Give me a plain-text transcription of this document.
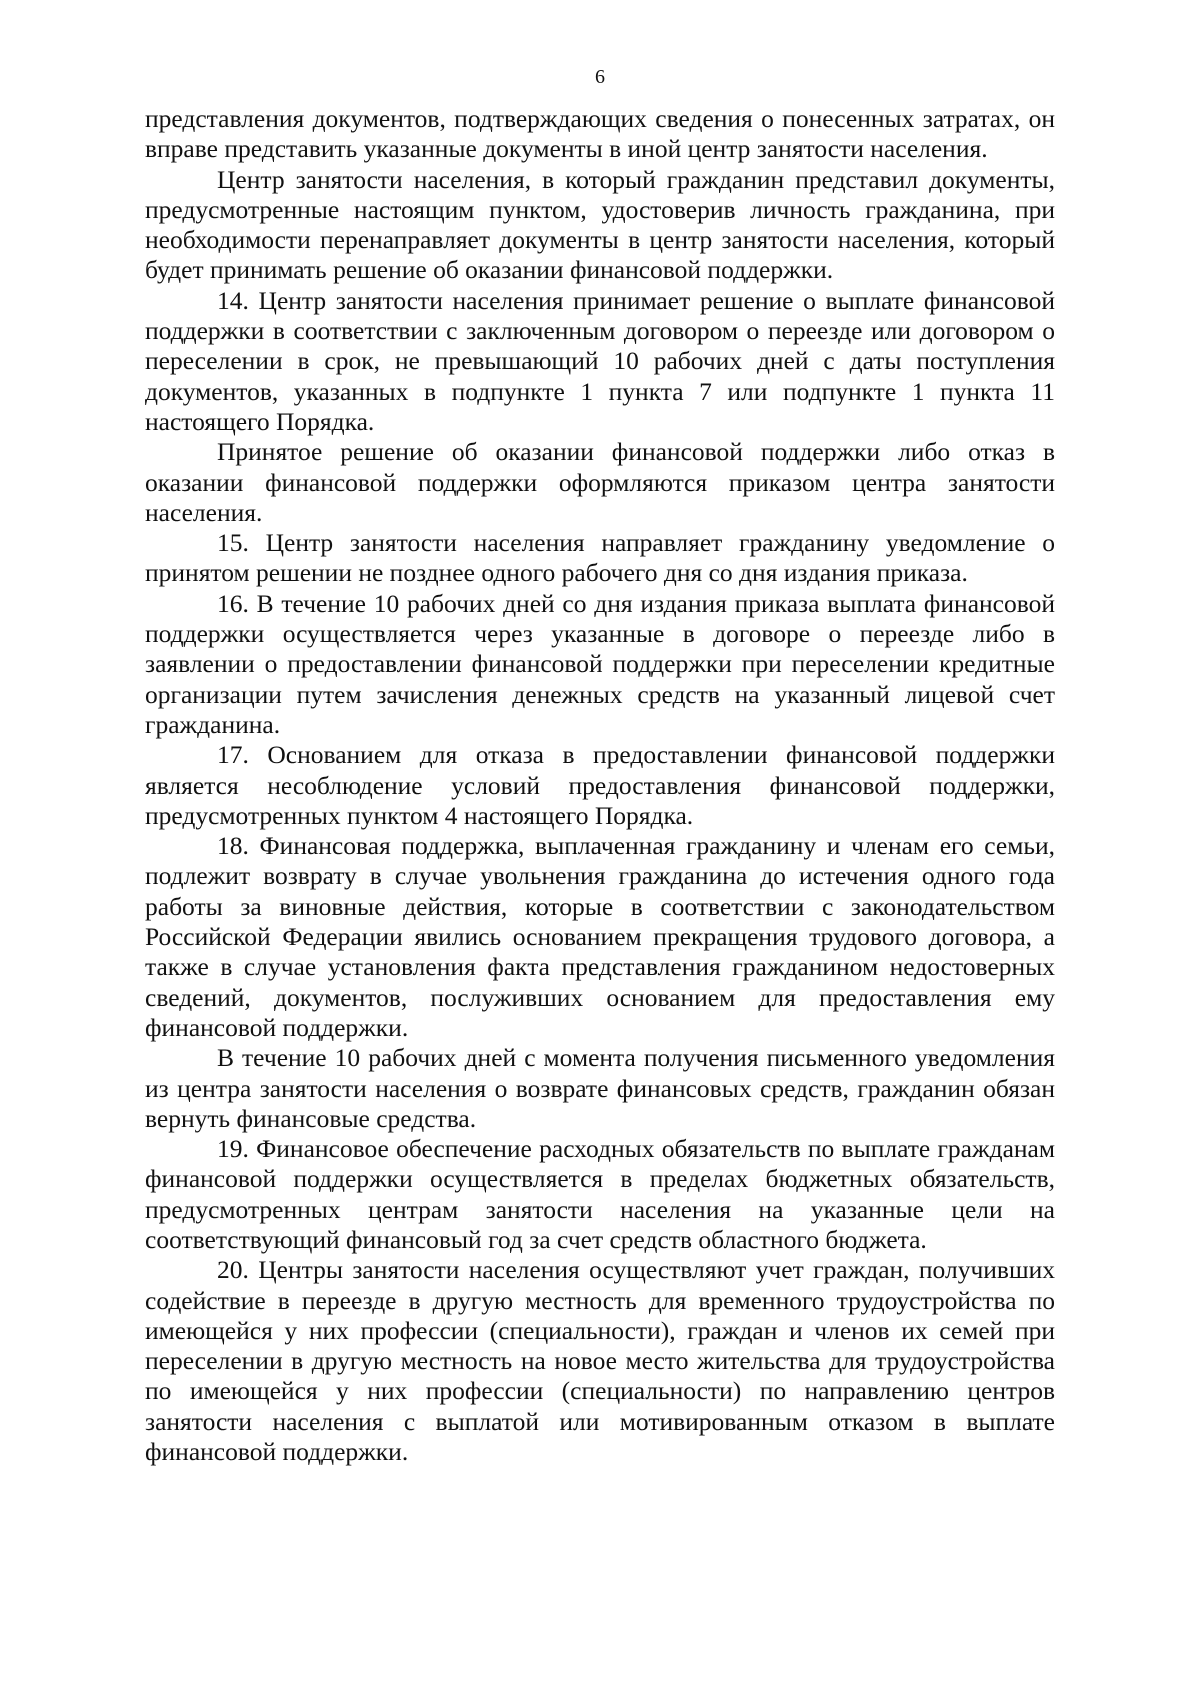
6

представления документов, подтверждающих сведения о понесенных затратах, он вправе представить указанные документы в иной центр занятости населения.

Центр занятости населения, в который гражданин представил документы, предусмотренные настоящим пунктом, удостоверив личность гражданина, при необходимости перенаправляет документы в центр занятости населения, который будет принимать решение об оказании финансовой поддержки.

14. Центр занятости населения принимает решение о выплате финансовой поддержки в соответствии с заключенным договором о переезде или договором о переселении в срок, не превышающий 10 рабочих дней с даты поступления документов, указанных в подпункте 1 пункта 7 или подпункте 1 пункта 11 настоящего Порядка.

Принятое решение об оказании финансовой поддержки либо отказ в оказании финансовой поддержки оформляются приказом центра занятости населения.

15. Центр занятости населения направляет гражданину уведомление о принятом решении не позднее одного рабочего дня со дня издания приказа.

16. В течение 10 рабочих дней со дня издания приказа выплата финансовой поддержки осуществляется через указанные в договоре о переезде либо в заявлении о предоставлении финансовой поддержки при переселении кредитные организации путем зачисления денежных средств на указанный лицевой счет гражданина.

17. Основанием для отказа в предоставлении финансовой поддержки является несоблюдение условий предоставления финансовой поддержки, предусмотренных пунктом 4 настоящего Порядка.

18. Финансовая поддержка, выплаченная гражданину и членам его семьи, подлежит возврату в случае увольнения гражданина до истечения одного года работы за виновные действия, которые в соответствии с законодательством Российской Федерации явились основанием прекращения трудового договора, а также в случае установления факта представления гражданином недостоверных сведений, документов, послуживших основанием для предоставления ему финансовой поддержки.

В течение 10 рабочих дней с момента получения письменного уведомления из центра занятости населения о возврате финансовых средств, гражданин обязан вернуть финансовые средства.

19. Финансовое обеспечение расходных обязательств по выплате гражданам финансовой поддержки осуществляется в пределах бюджетных обязательств, предусмотренных центрам занятости населения на указанные цели на соответствующий финансовый год за счет средств областного бюджета.

20. Центры занятости населения осуществляют учет граждан, получивших содействие в переезде в другую местность для временного трудоустройства по имеющейся у них профессии (специальности), граждан и членов их семей при переселении в другую местность на новое место жительства для трудоустройства по имеющейся у них профессии (специальности) по направлению центров занятости населения с выплатой или мотивированным отказом в выплате финансовой поддержки.
